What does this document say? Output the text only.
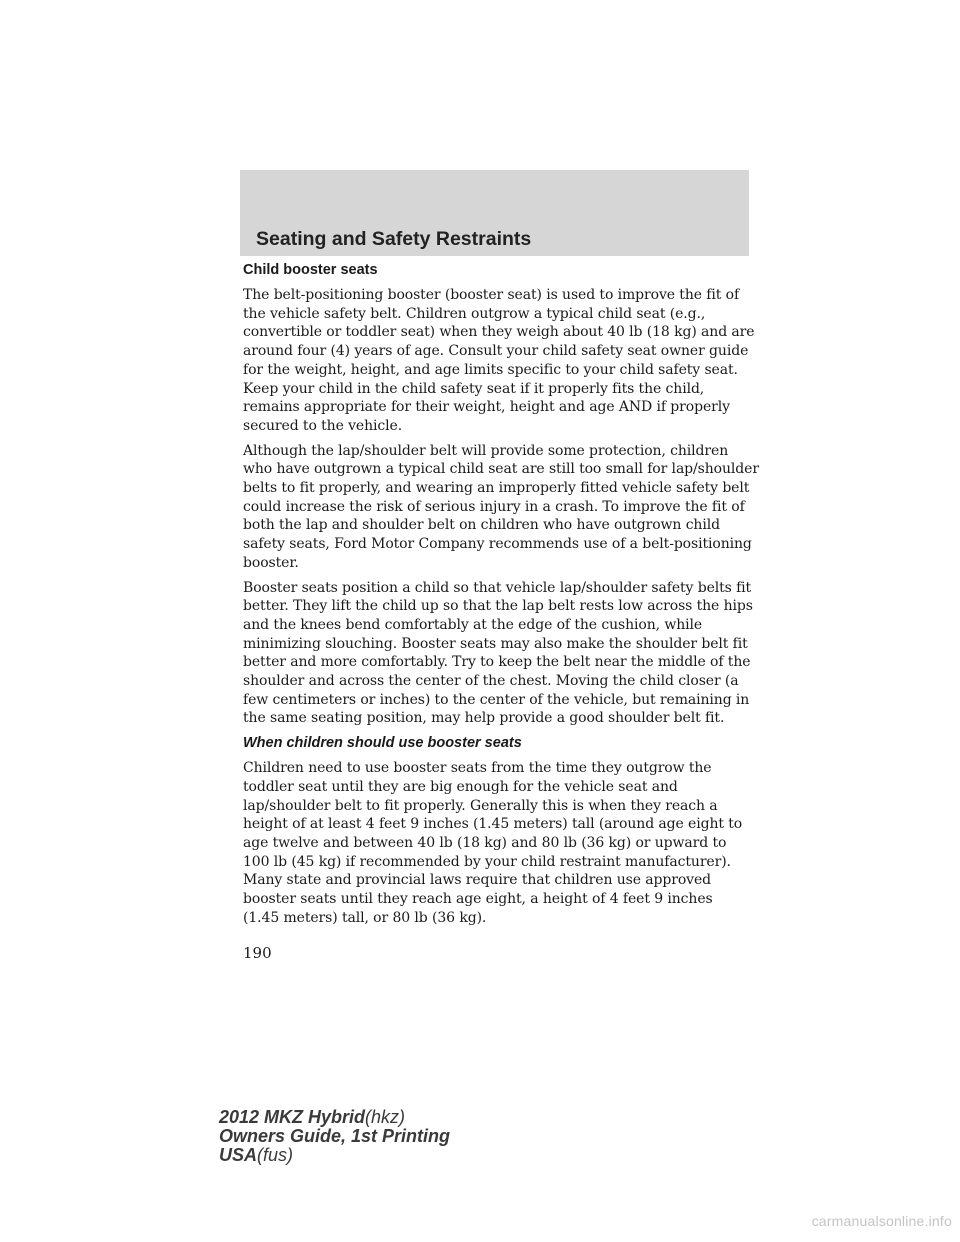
Seating and Safety Restraints
Child booster seats
The belt-positioning booster (booster seat) is used to improve the fit of
the vehicle safety belt. Children outgrow a typical child seat (e.g.,
convertible or toddler seat) when they weigh about 40 lb (18 kg) and are
around four (4) years of age. Consult your child safety seat owner guide
for the weight, height, and age limits specific to your child safety seat.
Keep your child in the child safety seat if it properly fits the child,
remains appropriate for their weight, height and age AND if properly
secured to the vehicle.
Although the lap/shoulder belt will provide some protection, children
who have outgrown a typical child seat are still too small for lap/shoulder
belts to fit properly, and wearing an improperly fitted vehicle safety belt
could increase the risk of serious injury in a crash. To improve the fit of
both the lap and shoulder belt on children who have outgrown child
safety seats, Ford Motor Company recommends use of a belt-positioning
booster.
Booster seats position a child so that vehicle lap/shoulder safety belts fit
better. They lift the child up so that the lap belt rests low across the hips
and the knees bend comfortably at the edge of the cushion, while
minimizing slouching. Booster seats may also make the shoulder belt fit
better and more comfortably. Try to keep the belt near the middle of the
shoulder and across the center of the chest. Moving the child closer (a
few centimeters or inches) to the center of the vehicle, but remaining in
the same seating position, may help provide a good shoulder belt fit.
When children should use booster seats
Children need to use booster seats from the time they outgrow the
toddler seat until they are big enough for the vehicle seat and
lap/shoulder belt to fit properly. Generally this is when they reach a
height of at least 4 feet 9 inches (1.45 meters) tall (around age eight to
age twelve and between 40 lb (18 kg) and 80 lb (36 kg) or upward to
100 lb (45 kg) if recommended by your child restraint manufacturer).
Many state and provincial laws require that children use approved
booster seats until they reach age eight, a height of 4 feet 9 inches
(1.45 meters) tall, or 80 lb (36 kg).
190
2012 MKZ Hybrid(hkz)
Owners Guide, 1st Printing
USA(fus)
carmanualsonline.info
